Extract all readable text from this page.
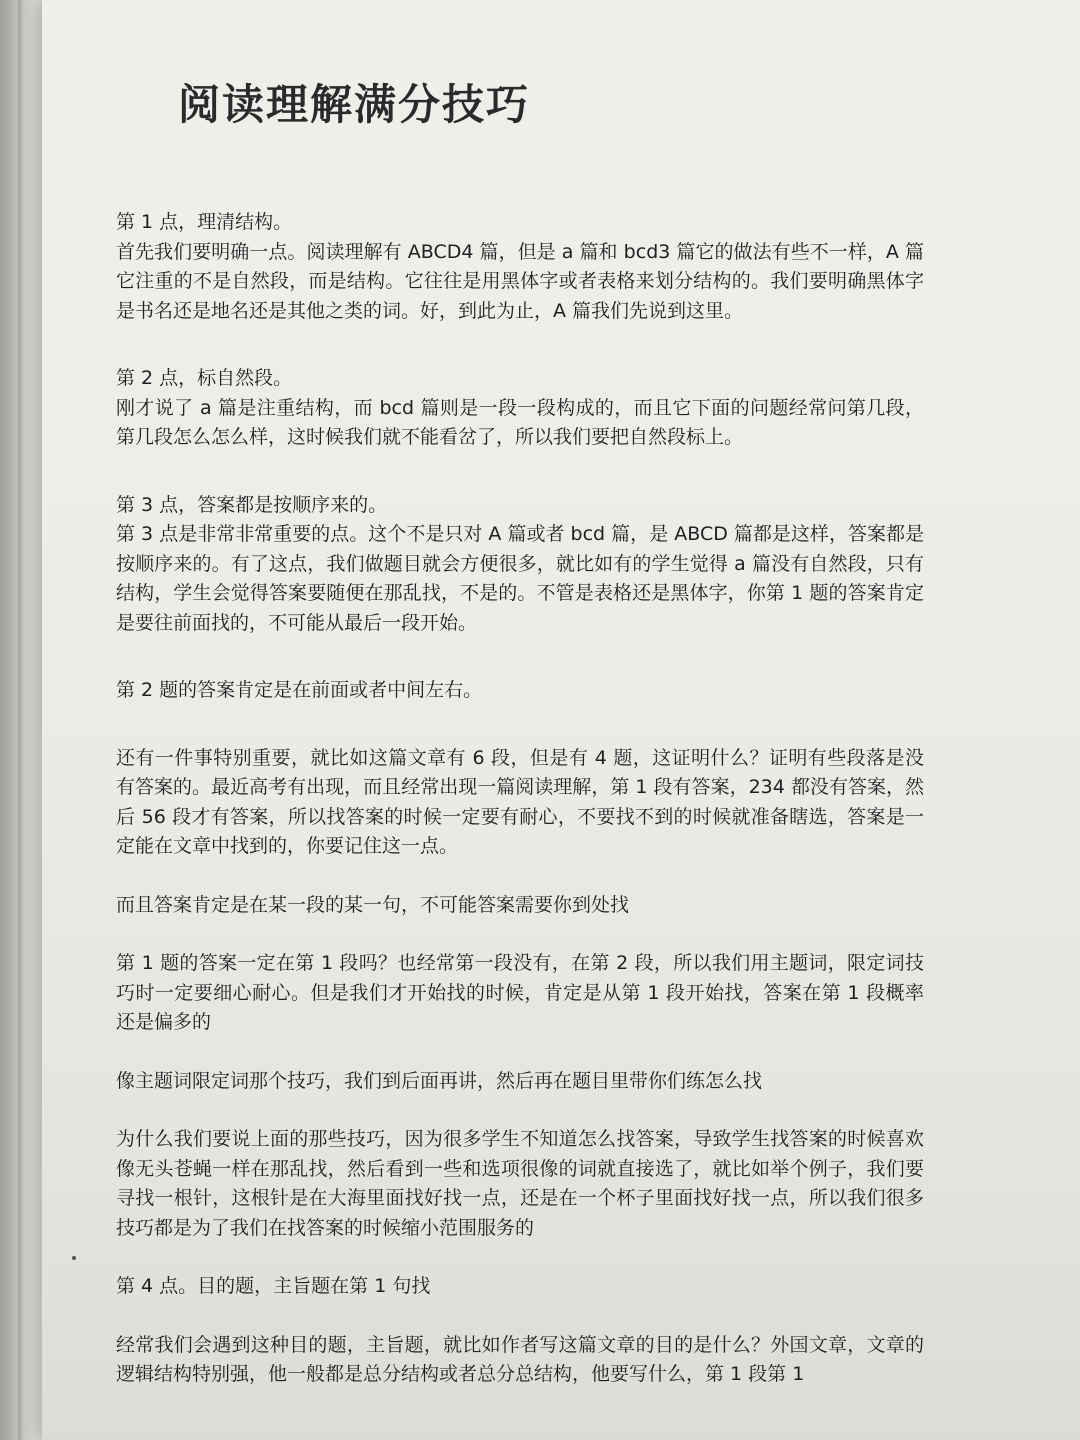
阅读理解满分技巧

第 1 点，理清结构。

首先我们要明确一点。阅读理解有 ABCD4 篇，但是 a 篇和 bcd3 篇它的做法有些不一样，A 篇它注重的不是自然段，而是结构。它往往是用黑体字或者表格来划分结构的。我们要明确黑体字是书名还是地名还是其他之类的词。好，到此为止，A 篇我们先说到这里。

第 2 点，标自然段。

刚才说了 a 篇是注重结构，而 bcd 篇则是一段一段构成的，而且它下面的问题经常问第几段，第几段怎么怎么样，这时候我们就不能看岔了，所以我们要把自然段标上。

第 3 点，答案都是按顺序来的。

第 3 点是非常非常重要的点。这个不是只对 A 篇或者 bcd 篇，是 ABCD 篇都是这样，答案都是按顺序来的。有了这点，我们做题目就会方便很多，就比如有的学生觉得 a 篇没有自然段，只有结构，学生会觉得答案要随便在那乱找，不是的。不管是表格还是黑体字，你第 1 题的答案肯定是要往前面找的，不可能从最后一段开始。

第 2 题的答案肯定是在前面或者中间左右。

还有一件事特别重要，就比如这篇文章有 6 段，但是有 4 题，这证明什么？证明有些段落是没有答案的。最近高考有出现，而且经常出现一篇阅读理解，第 1 段有答案，234 都没有答案，然后 56 段才有答案，所以找答案的时候一定要有耐心，不要找不到的时候就准备瞎选，答案是一定能在文章中找到的，你要记住这一点。

而且答案肯定是在某一段的某一句，不可能答案需要你到处找

第 1 题的答案一定在第 1 段吗？也经常第一段没有，在第 2 段，所以我们用主题词，限定词技巧时一定要细心耐心。但是我们才开始找的时候，肯定是从第 1 段开始找，答案在第 1 段概率还是偏多的

像主题词限定词那个技巧，我们到后面再讲，然后再在题目里带你们练怎么找

为什么我们要说上面的那些技巧，因为很多学生不知道怎么找答案，导致学生找答案的时候喜欢像无头苍蝇一样在那乱找，然后看到一些和选项很像的词就直接选了，就比如举个例子，我们要寻找一根针，这根针是在大海里面找好找一点，还是在一个杯子里面找好找一点，所以我们很多技巧都是为了我们在找答案的时候缩小范围服务的

第 4 点。目的题，主旨题在第 1 句找

经常我们会遇到这种目的题，主旨题，就比如作者写这篇文章的目的是什么？外国文章，文章的逻辑结构特别强，他一般都是总分结构或者总分总结构，他要写什么，第 1 段第 1
